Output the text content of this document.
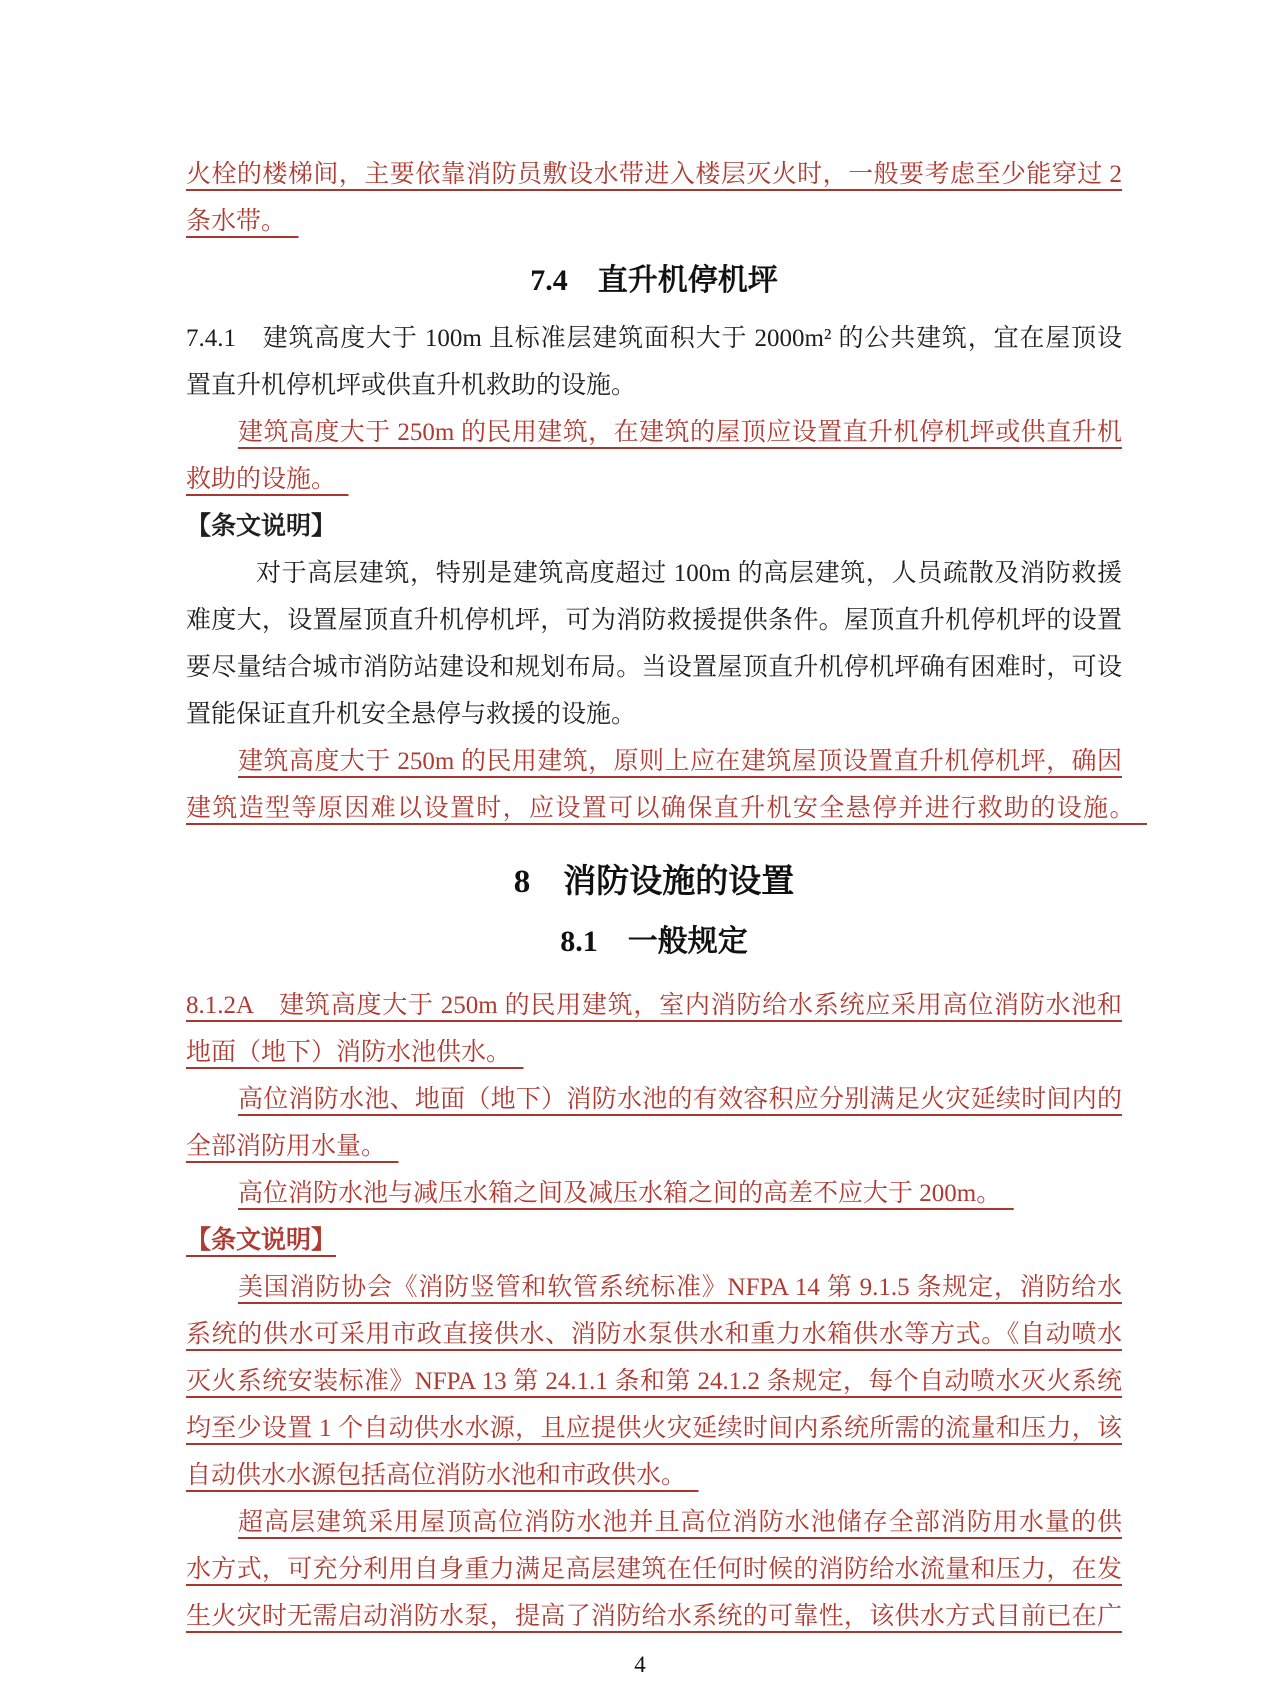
火栓的楼梯间，主要依靠消防员敷设水带进入楼层灭火时，一般要考虑至少能穿过 2
条水带。　
7.4　直升机停机坪
7.4.1　建筑高度大于 100m 且标准层建筑面积大于 2000m² 的公共建筑，宜在屋顶设
置直升机停机坪或供直升机救助的设施。
建筑高度大于 250m 的民用建筑，在建筑的屋顶应设置直升机停机坪或供直升机
救助的设施。　
【条文说明】
对于高层建筑，特别是建筑高度超过 100m 的高层建筑，人员疏散及消防救援
难度大，设置屋顶直升机停机坪，可为消防救援提供条件。屋顶直升机停机坪的设置
要尽量结合城市消防站建设和规划布局。当设置屋顶直升机停机坪确有困难时，可设
置能保证直升机安全悬停与救援的设施。
建筑高度大于 250m 的民用建筑，原则上应在建筑屋顶设置直升机停机坪，确因
建筑造型等原因难以设置时，应设置可以确保直升机安全悬停并进行救助的设施。　
8　消防设施的设置
8.1　一般规定
8.1.2A　建筑高度大于 250m 的民用建筑，室内消防给水系统应采用高位消防水池和
地面（地下）消防水池供水。　
高位消防水池、地面（地下）消防水池的有效容积应分别满足火灾延续时间内的
全部消防用水量。　
高位消防水池与减压水箱之间及减压水箱之间的高差不应大于 200m。　
【条文说明】
美国消防协会《消防竖管和软管系统标准》NFPA 14 第 9.1.5 条规定，消防给水
系统的供水可采用市政直接供水、消防水泵供水和重力水箱供水等方式。《自动喷水
灭火系统安装标准》NFPA 13 第 24.1.1 条和第 24.1.2 条规定，每个自动喷水灭火系统
均至少设置 1 个自动供水水源，且应提供火灾延续时间内系统所需的流量和压力，该
自动供水水源包括高位消防水池和市政供水。　
超高层建筑采用屋顶高位消防水池并且高位消防水池储存全部消防用水量的供
水方式，可充分利用自身重力满足高层建筑在任何时候的消防给水流量和压力，在发
生火灾时无需启动消防水泵，提高了消防给水系统的可靠性，该供水方式目前已在广
4
